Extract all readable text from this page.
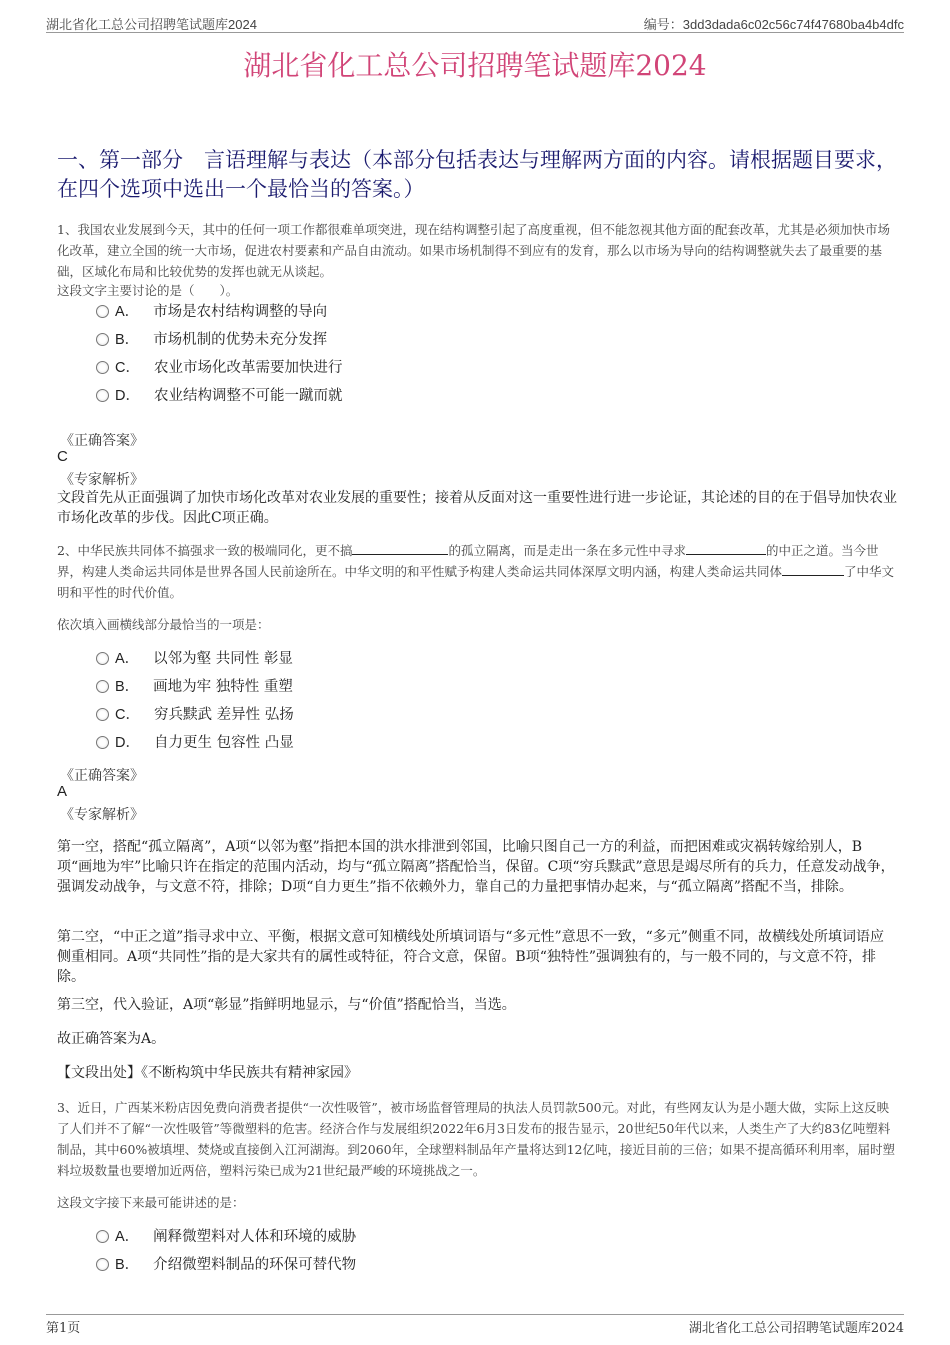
湖北省化工总公司招聘笔试题库2024	编号：3dd3dada6c02c56c74f47680ba4b4dfc
湖北省化工总公司招聘笔试题库2024
一、第一部分　言语理解与表达（本部分包括表达与理解两方面的内容。请根据题目要求，在四个选项中选出一个最恰当的答案。）
1、我国农业发展到今天，其中的任何一项工作都很难单项突进，现在结构调整引起了高度重视，但不能忽视其他方面的配套改革，尤其是必须加快市场化改革，建立全国的统一大市场，促进农村要素和产品自由流动。如果市场机制得不到应有的发育，那么以市场为导向的结构调整就失去了最重要的基础，区域化布局和比较优势的发挥也就无从谈起。
这段文字主要讨论的是（　　）。
A． 市场是农村结构调整的导向
B． 市场机制的优势未充分发挥
C． 农业市场化改革需要加快进行
D． 农业结构调整不可能一蹴而就
《正确答案》
C
《专家解析》
文段首先从正面强调了加快市场化改革对农业发展的重要性；接着从反面对这一重要性进行进一步论证，其论述的目的在于倡导加快农业市场化改革的步伐。因此C项正确。
2、中华民族共同体不搞强求一致的极端同化，更不搞	的孤立隔离，而是走出一条在多元性中寻求	的中正之道。当今世界，构建人类命运共同体是世界各国人民前途所在。中华文明的和平性赋予构建人类命运共同体深厚文明内涵，构建人类命运共同体	了中华文明和平性的时代价值。
依次填入画横线部分最恰当的一项是：
A． 以邻为壑 共同性 彰显
B． 画地为牢 独特性 重塑
C． 穷兵黩武 差异性 弘扬
D． 自力更生 包容性 凸显
《正确答案》
A
《专家解析》
第一空，搭配“孤立隔离”，A项“以邻为壑”指把本国的洪水排泄到邻国，比喻只图自己一方的利益，而把困难或灾祸转嫁给别人，B项“画地为牢”比喻只许在指定的范围内活动，均与“孤立隔离”搭配恰当，保留。C项“穷兵黩武”意思是竭尽所有的兵力，任意发动战争，强调发动战争，与文意不符，排除；D项“自力更生”指不依赖外力，靠自己的力量把事情办起来，与“孤立隔离”搭配不当，排除。
第二空，“中正之道”指寻求中立、平衡，根据文意可知横线处所填词语与“多元性”意思不一致，“多元”侧重不同，故横线处所填词语应侧重相同。A项“共同性”指的是大家共有的属性或特征，符合文意，保留。B项“独特性”强调独有的，与一般不同的，与文意不符，排除。
第三空，代入验证，A项“彰显”指鲜明地显示，与“价值”搭配恰当，当选。
故正确答案为A。
【文段出处】《不断构筑中华民族共有精神家园》
3、近日，广西某米粉店因免费向消费者提供“一次性吸管”，被市场监督管理局的执法人员罚款500元。对此，有些网友认为是小题大做，实际上这反映了人们并不了解“一次性吸管”等微塑料的危害。经济合作与发展组织2022年6月3日发布的报告显示，20世纪50年代以来，人类生产了大约83亿吨塑料制品，其中60%被填埋、焚烧或直接倒入江河湖海。到2060年，全球塑料制品年产量将达到12亿吨，接近目前的三倍；如果不提高循环利用率，届时塑料垃圾数量也要增加近两倍，塑料污染已成为21世纪最严峻的环境挑战之一。
这段文字接下来最可能讲述的是：
A． 阐释微塑料对人体和环境的威胁
B． 介绍微塑料制品的环保可替代物
第1页	湖北省化工总公司招聘笔试题库2024
